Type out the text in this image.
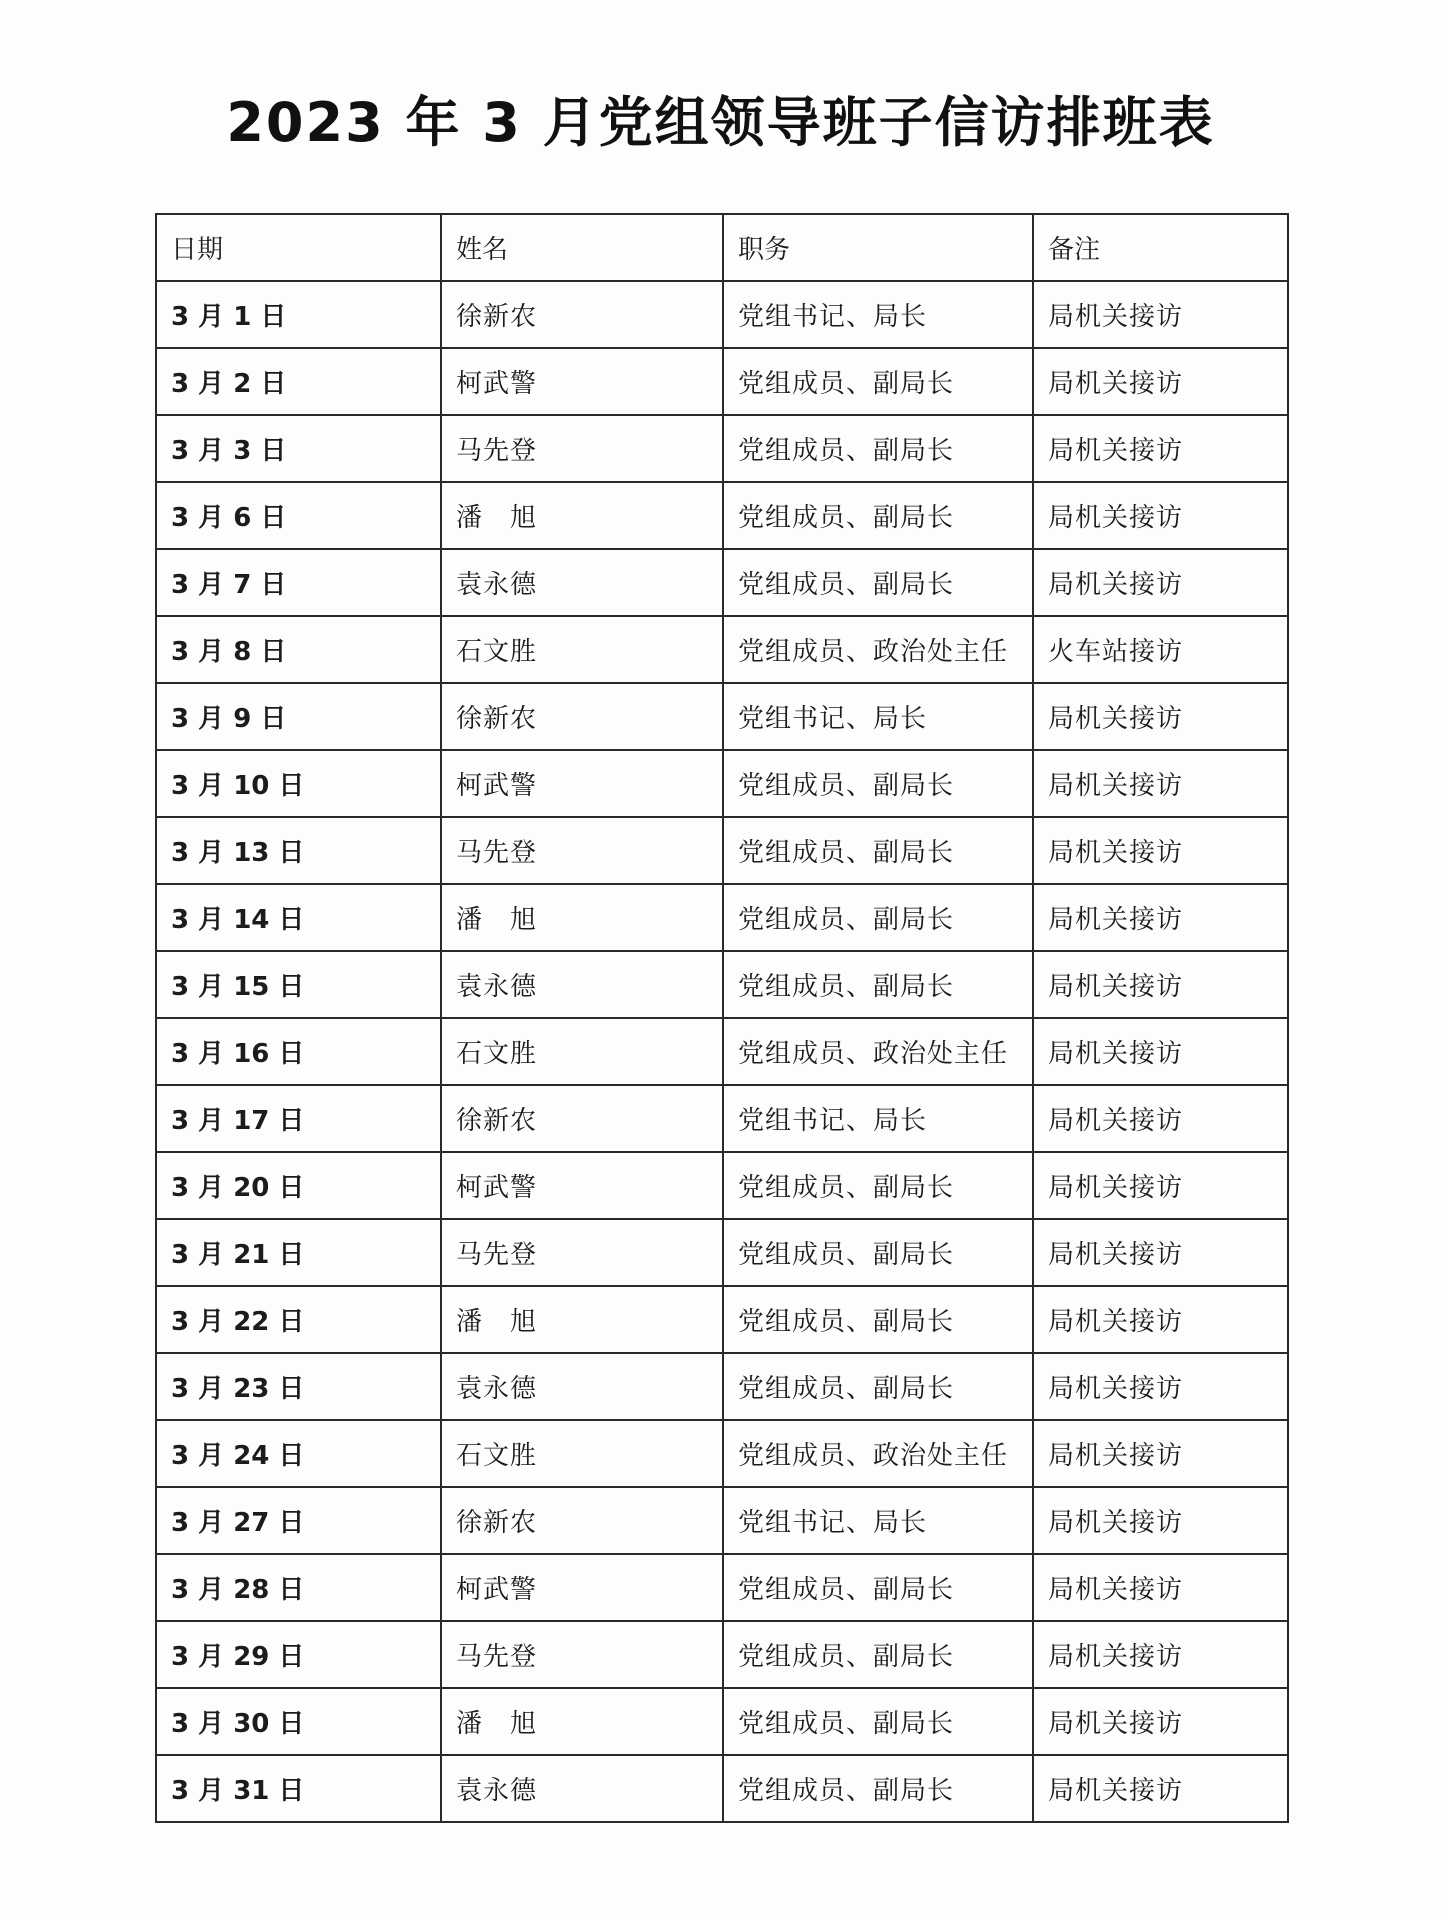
2023 年 3 月党组领导班子信访排班表
日期	姓名	职务	备注
3 月 1 日	徐新农	党组书记、局长	局机关接访
3 月 2 日	柯武警	党组成员、副局长	局机关接访
3 月 3 日	马先登	党组成员、副局长	局机关接访
3 月 6 日	潘　旭	党组成员、副局长	局机关接访
3 月 7 日	袁永德	党组成员、副局长	局机关接访
3 月 8 日	石文胜	党组成员、政治处主任	火车站接访
3 月 9 日	徐新农	党组书记、局长	局机关接访
3 月 10 日	柯武警	党组成员、副局长	局机关接访
3 月 13 日	马先登	党组成员、副局长	局机关接访
3 月 14 日	潘　旭	党组成员、副局长	局机关接访
3 月 15 日	袁永德	党组成员、副局长	局机关接访
3 月 16 日	石文胜	党组成员、政治处主任	局机关接访
3 月 17 日	徐新农	党组书记、局长	局机关接访
3 月 20 日	柯武警	党组成员、副局长	局机关接访
3 月 21 日	马先登	党组成员、副局长	局机关接访
3 月 22 日	潘　旭	党组成员、副局长	局机关接访
3 月 23 日	袁永德	党组成员、副局长	局机关接访
3 月 24 日	石文胜	党组成员、政治处主任	局机关接访
3 月 27 日	徐新农	党组书记、局长	局机关接访
3 月 28 日	柯武警	党组成员、副局长	局机关接访
3 月 29 日	马先登	党组成员、副局长	局机关接访
3 月 30 日	潘　旭	党组成员、副局长	局机关接访
3 月 31 日	袁永德	党组成员、副局长	局机关接访
